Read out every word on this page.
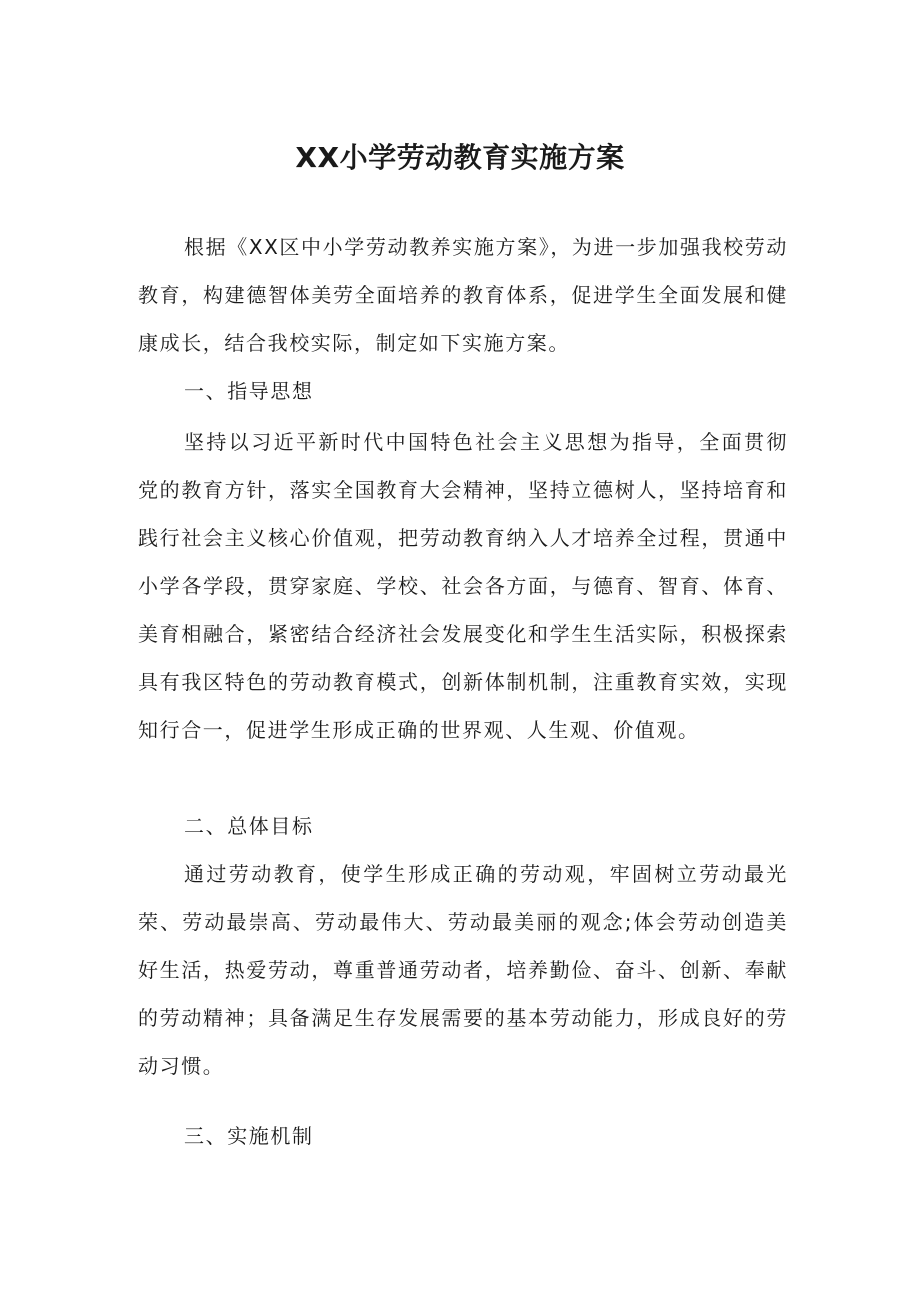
XX小学劳动教育实施方案

根据《XX区中小学劳动教养实施方案》，为进一步加强我校劳动教育，构建德智体美劳全面培养的教育体系，促进学生全面发展和健康成长，结合我校实际，制定如下实施方案。

一、指导思想

坚持以习近平新时代中国特色社会主义思想为指导，全面贯彻党的教育方针，落实全国教育大会精神，坚持立德树人，坚持培育和践行社会主义核心价值观，把劳动教育纳入人才培养全过程，贯通中小学各学段，贯穿家庭、学校、社会各方面，与德育、智育、体育、美育相融合，紧密结合经济社会发展变化和学生生活实际，积极探索具有我区特色的劳动教育模式，创新体制机制，注重教育实效，实现知行合一，促进学生形成正确的世界观、人生观、价值观。

二、总体目标

通过劳动教育，使学生形成正确的劳动观，牢固树立劳动最光荣、劳动最崇高、劳动最伟大、劳动最美丽的观念;体会劳动创造美好生活，热爱劳动，尊重普通劳动者，培养勤俭、奋斗、创新、奉献的劳动精神；具备满足生存发展需要的基本劳动能力，形成良好的劳动习惯。

三、实施机制
